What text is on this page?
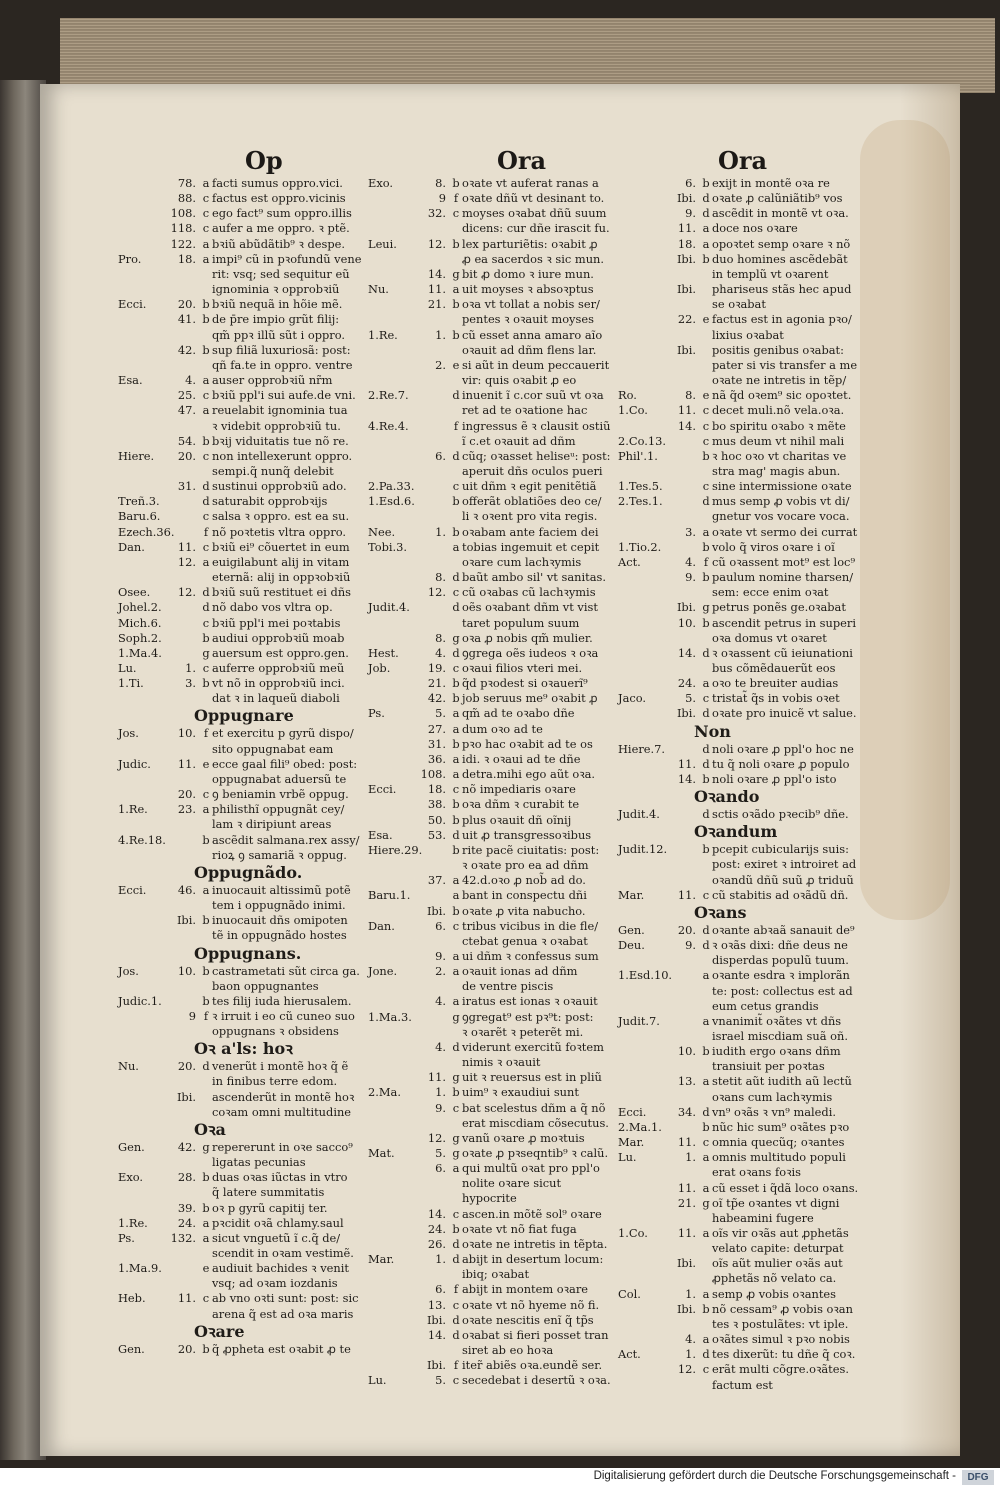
Op	Ora	Ora
78. a facti sumus oppro.vici.
88. c factus est oppro.vicinis
108. c ego fact⁹ sum oppro.illis
118. c aufer a me oppro. ꝛ ptẽ.
122. a bꝛiũ abũdãtib⁹ ꝛ despe.
Pro.	18. a impi⁹ cũ in pꝛofundũ vene
rit: vsq; sed sequitur eũ
ignominia ꝛ opprobꝛiũ
Ecci.	20. b bꝛiũ nequã in hõie mẽ.
41. b de p̄re impio grũt filij:
qm̃ ppꝛ illũ sũt i oppro.
42. b sup filiã luxuriosã: post:
qñ fa.te in oppro. ventre
Esa.	4. a auser opprobꝛiũ nr̃m
25. c bꝛiũ ppl'i sui aufe.de vni.
47. a reuelabit ignominia tua
ꝛ videbit opprobꝛiũ tu.
54. b bꝛij viduitatis tue nõ re.
Hiere.	20. c non intellexerunt oppro.
sempi.q̃ nunq̃ delebit
31. d sustinui opprobꝛiũ ado.
Treñ.3.	d saturabit opprobꝛijs
Baru.6.	c salsa ꝛ oppro. est ea su.
Ezech.36.	f nõ poꝛtetis vltra oppro.
Dan.	11. c bꝛiũ ei⁹ cõuertet in eum
12. a euigilabunt alij in vitam
eternã: alij in oppꝛobꝛiũ
Osee.	12. d bꝛiũ suũ restituet ei dñs
Johel.2.	d nõ dabo vos vltra op.
Mich.6.	c bꝛiũ ppl'i mei poꝛtabis
Soph.2.	b audiui opprobꝛiũ moab
1.Ma.4.	g auersum est oppro.gen.
Lu.	1. c auferre opprobꝛiũ meũ
1.Ti.	3. b vt nõ in opprobꝛiũ inci.
dat ꝛ in laqueũ diaboli
Oppugnare
Jos.	10. f et exercitu p gyrũ dispo/
sito oppugnabat eam
Judic.	11. e ecce gaal fili⁹ obed: post:
oppugnabat aduersũ te
20. c ꝯ beniamin vrbẽ oppug.
1.Re.	23. a philisthĩ oppugnãt cey/
lam ꝛ diripiunt areas
4.Re.18.	b ascẽdit salmana.rex assy/
rioꝝ ꝯ samariã ꝛ oppug.
Oppugnãdo.
Ecci.	46. a inuocauit altissimũ potẽ
tem i oppugnãdo inimi.
Ibi. b inuocauit dñs omipoten
tẽ in oppugnãdo hostes
Oppugnans.
Jos.	10. b castrametati sũt circa ga.
baon oppugnantes
Judic.1.	b tes filij iuda hierusalem.
9 f ꝛ irruit i eo cũ cuneo suo
oppugnans ꝛ obsidens
Oꝛ a'ls: hoꝛ
Nu.	20. d venerũt i montẽ hoꝛ q̃ ẽ
in finibus terre edom.
Ibi.	ascenderũt in montẽ hoꝛ
coꝛam omni multitudine
Oꝛa
Gen.	42. g repererunt in oꝛe sacco⁹
ligatas pecunias
Exo.	28. b duas oꝛas iũctas in vtro
q̃ latere summitatis
39. b oꝛ p gyrũ capitij ter.
1.Re.	24. a pꝛcidit oꝛã chlamy.saul
Ps.	132. a sicut vnguetũ ĩ c.q̃ de/
scendit in oꝛam vestimẽ.
1.Ma.9.	e audiuit bachides ꝛ venit
vsq; ad oꝛam iozdanis
Heb.	11. c ab vno oꝛti sunt: post: sic
arena q̃ est ad oꝛa maris
Oꝛare
Gen.	20. b q̃ ꝓpheta est oꝛabit ꝓ te
Exo.	8. b oꝛate vt auferat ranas a
9 f oꝛate dñũ vt desinant to.
32. c moyses oꝛabat dñũ suum
dicens: cur dñe irascit fu.
Leui.	12. b lex parturiẽtis: oꝛabit ꝓ
ꝓ ea sacerdos ꝛ sic mun.
14. g bit ꝓ domo ꝛ iure mun.
Nu.	11. a uit moyses ꝛ absoꝛptus
21. b oꝛa vt tollat a nobis ser/
pentes ꝛ oꝛauit moyses
1.Re.	1. b cũ esset anna amaro aĩo
oꝛauit ad dñm flens lar.
2. e si aũt in deum peccauerit
vir: quis oꝛabit ꝓ eo
2.Re.7.	d inuenit ĩ c.cor suũ vt oꝛa
ret ad te oꝛatione hac
4.Re.4.	f ingressus ẽ ꝛ clausit ostiũ
ĩ c.et oꝛauit ad dñm
6. d cũq; oꝛasset heliseᵘ: post:
aperuit dñs oculos pueri
2.Pa.33.	c uit dñm ꝛ egit penitẽtiã
1.Esd.6.	b offerãt oblatiões deo ce/
li ꝛ oꝛent pro vita regis.
Nee.	1. b oꝛabam ante faciem dei
Tobi.3.	a tobias ingemuit et cepit
oꝛare cum lachꝛymis
8. d baũt ambo sil' vt sanitas.
12. c cũ oꝛabas cũ lachꝛymis
Judit.4.	d oẽs oꝛabant dñm vt vist
taret populum suum
8. g oꝛa ꝓ nobis qm̃ mulier.
Hest.	4. d ꝯgrega oẽs iudeos ꝛ oꝛa
Job.	19. c oꝛaui filios vteri mei.
21. b q̃d pꝛodest si oꝛauerĩ⁹
42. b job seruus me⁹ oꝛabit ꝓ
Ps.	5. a qm̃ ad te oꝛabo dñe
27. a dum oꝛo ad te
31. b pꝛo hac oꝛabit ad te os
36. a idi. ꝛ oꝛaui ad te dñe
108. a detra.mihi ego aũt oꝛa.
Ecci.	18. c nõ impediaris oꝛare
38. b oꝛa dñm ꝛ curabit te
50. b plus oꝛauit dñ oĩnij
Esa.	53. d uit ꝓ transgressoꝛibus
Hiere.29.	b rite pacẽ ciuitatis: post:
ꝛ oꝛate pro ea ad dñm
37. a 42.d.oꝛo ꝓ nob̃ ad do.
Baru.1.	a bant in conspectu dñi
Ibi. b oꝛate ꝓ vita nabucho.
Dan.	6. c tribus vicibus in die fle/
ctebat genua ꝛ oꝛabat
9. a ui dñm ꝛ confessus sum
Jone.	2. a oꝛauit ionas ad dñm
de ventre piscis
4. a iratus est ionas ꝛ oꝛauit
1.Ma.3.	g ꝯgregat⁹ est pꝛ⁹t: post:
ꝛ oꝛarẽt ꝛ peterẽt mi.
4. d viderunt exercitũ foꝛtem
nimis ꝛ oꝛauit
11. g uit ꝛ reuersus est in pliũ
2.Ma.	1. b uim⁹ ꝛ exaudiui sunt
9. c bat scelestus dñm a q̃ nõ
erat miscdiam cõsecutus.
12. g vanũ oꝛare ꝓ moꝛtuis
Mat.	5. g oꝛate ꝓ pꝛseqntib⁹ ꝛ calũ.
6. a qui multũ oꝛat pro ppl'o
nolite oꝛare sicut
hypocrite
14. c ascen.in mõtẽ sol⁹ oꝛare
24. b oꝛate vt nõ fiat fuga
26. d oꝛate ne intretis in tẽpta.
Mar.	1. d abijt in desertum locum:
ibiq; oꝛabat
6. f abijt in montem oꝛare
13. c oꝛate vt nõ hyeme nõ fi.
Ibi. d oꝛate nescitis enĩ q̃ tp̃s
14. d oꝛabat si fieri posset tran
siret ab eo hoꝛa
Ibi. f iter̃ abiẽs oꝛa.eundẽ ser.
Lu.	5. c secedebat i desertũ ꝛ oꝛa.
6. b exijt in montẽ oꝛa re
Ibi. d oꝛate ꝓ calũniãtib⁹ vos
9. d ascẽdit in montẽ vt oꝛa.
11. a doce nos oꝛare
18. a opoꝛtet semp oꝛare ꝛ nõ
Ibi. b duo homines ascẽdebãt
in templũ vt oꝛarent
Ibi.	phariseus stãs hec apud
se oꝛabat
22. e factus est in agonia pꝛo/
lixius oꝛabat
Ibi.	positis genibus oꝛabat:
pater si vis transfer a me
oꝛate ne intretis in tẽp/
Ro.	8. e nã q̃d oꝛem⁹ sic opoꝛtet.
1.Co.	11. c decet muli.nõ vela.oꝛa.
14. c bo spiritu oꝛabo ꝛ mẽte
2.Co.13.	c mus deum vt nihil mali
Phil'.1.	b ꝛ hoc oꝛo vt charitas ve
stra mag' magis abun.
1.Tes.5.	c sine intermissione oꝛate
2.Tes.1.	d mus semp ꝓ vobis vt di/
gnetur vos vocare voca.
3. a oꝛate vt sermo dei currat
1.Tio.2.	b volo q̃ viros oꝛare i oĩ
Act.	4. f cũ oꝛassent mot⁹ est loc⁹
9. b paulum nomine tharsen/
sem: ecce enim oꝛat
Ibi. g petrus ponẽs ge.oꝛabat
10. b ascendit petrus in superi
oꝛa domus vt oꝛaret
14. d ꝛ oꝛassent cũ ieiunationi
bus cõmẽdauerũt eos
24. a oꝛo te breuiter audias
Jaco.	5. c tristat̃ q̃s in vobis oꝛet
Ibi. d oꝛate pro inuicẽ vt salue.
Non
Hiere.7.	d noli oꝛare ꝓ ppl'o hoc ne
11. d tu q̃ noli oꝛare ꝓ populo
14. b noli oꝛare ꝓ ppl'o isto
Oꝛando
Judit.4.	d sctis oꝛãdo pꝛecib⁹ dñe.
Oꝛandum
Judit.12.	b pcepit cubicularijs suis:
post: exiret ꝛ introiret ad
oꝛandũ dñũ suũ ꝓ triduũ
Mar.	11. c cũ stabitis ad oꝛãdũ dñ.
Oꝛans
Gen.	20. d oꝛante abꝛaã sanauit de⁹
Deu.	9. d ꝛ oꝛãs dixi: dñe deus ne
disperdas populũ tuum.
1.Esd.10.	a oꝛante esdra ꝛ implorãn
te: post: collectus est ad
eum cetus grandis
Judit.7.	a vnanimit̃ oꝛãtes vt dñs
israel miscdiam suã oñ.
10. b iudith ergo oꝛans dñm
transiuit per poꝛtas
13. a stetit aũt iudith aũ lectũ
oꝛans cum lachꝛymis
Ecci.	34. d vn⁹ oꝛãs ꝛ vn⁹ maledi.
2.Ma.1.	b nũc hic sum⁹ oꝛãtes pꝛo
Mar.	11. c omnia quecũq; oꝛantes
Lu.	1. a omnis multitudo populi
erat oꝛans foꝛis
11. a cũ esset i q̃dã loco oꝛans.
21. g oĩ tp̃e oꝛantes vt digni
habeamini fugere
1.Co.	11. a oĩs vir oꝛãs aut ꝓphetãs
velato capite: deturpat
Ibi.	oĩs aũt mulier oꝛãs aut
ꝓphetãs nõ velato ca.
Col.	1. a semp ꝓ vobis oꝛantes
Ibi. b nõ cessam⁹ ꝓ vobis oꝛan
tes ꝛ postulãtes: vt iple.
4. a oꝛãtes simul ꝛ pꝛo nobis
Act.	1. d tes dixerũt: tu dñe q̃ coꝛ.
12. c erãt multi cõgre.oꝛãtes.
factum est
Digitalisierung gefördert durch die Deutsche Forschungsgemeinschaft -	DFG
